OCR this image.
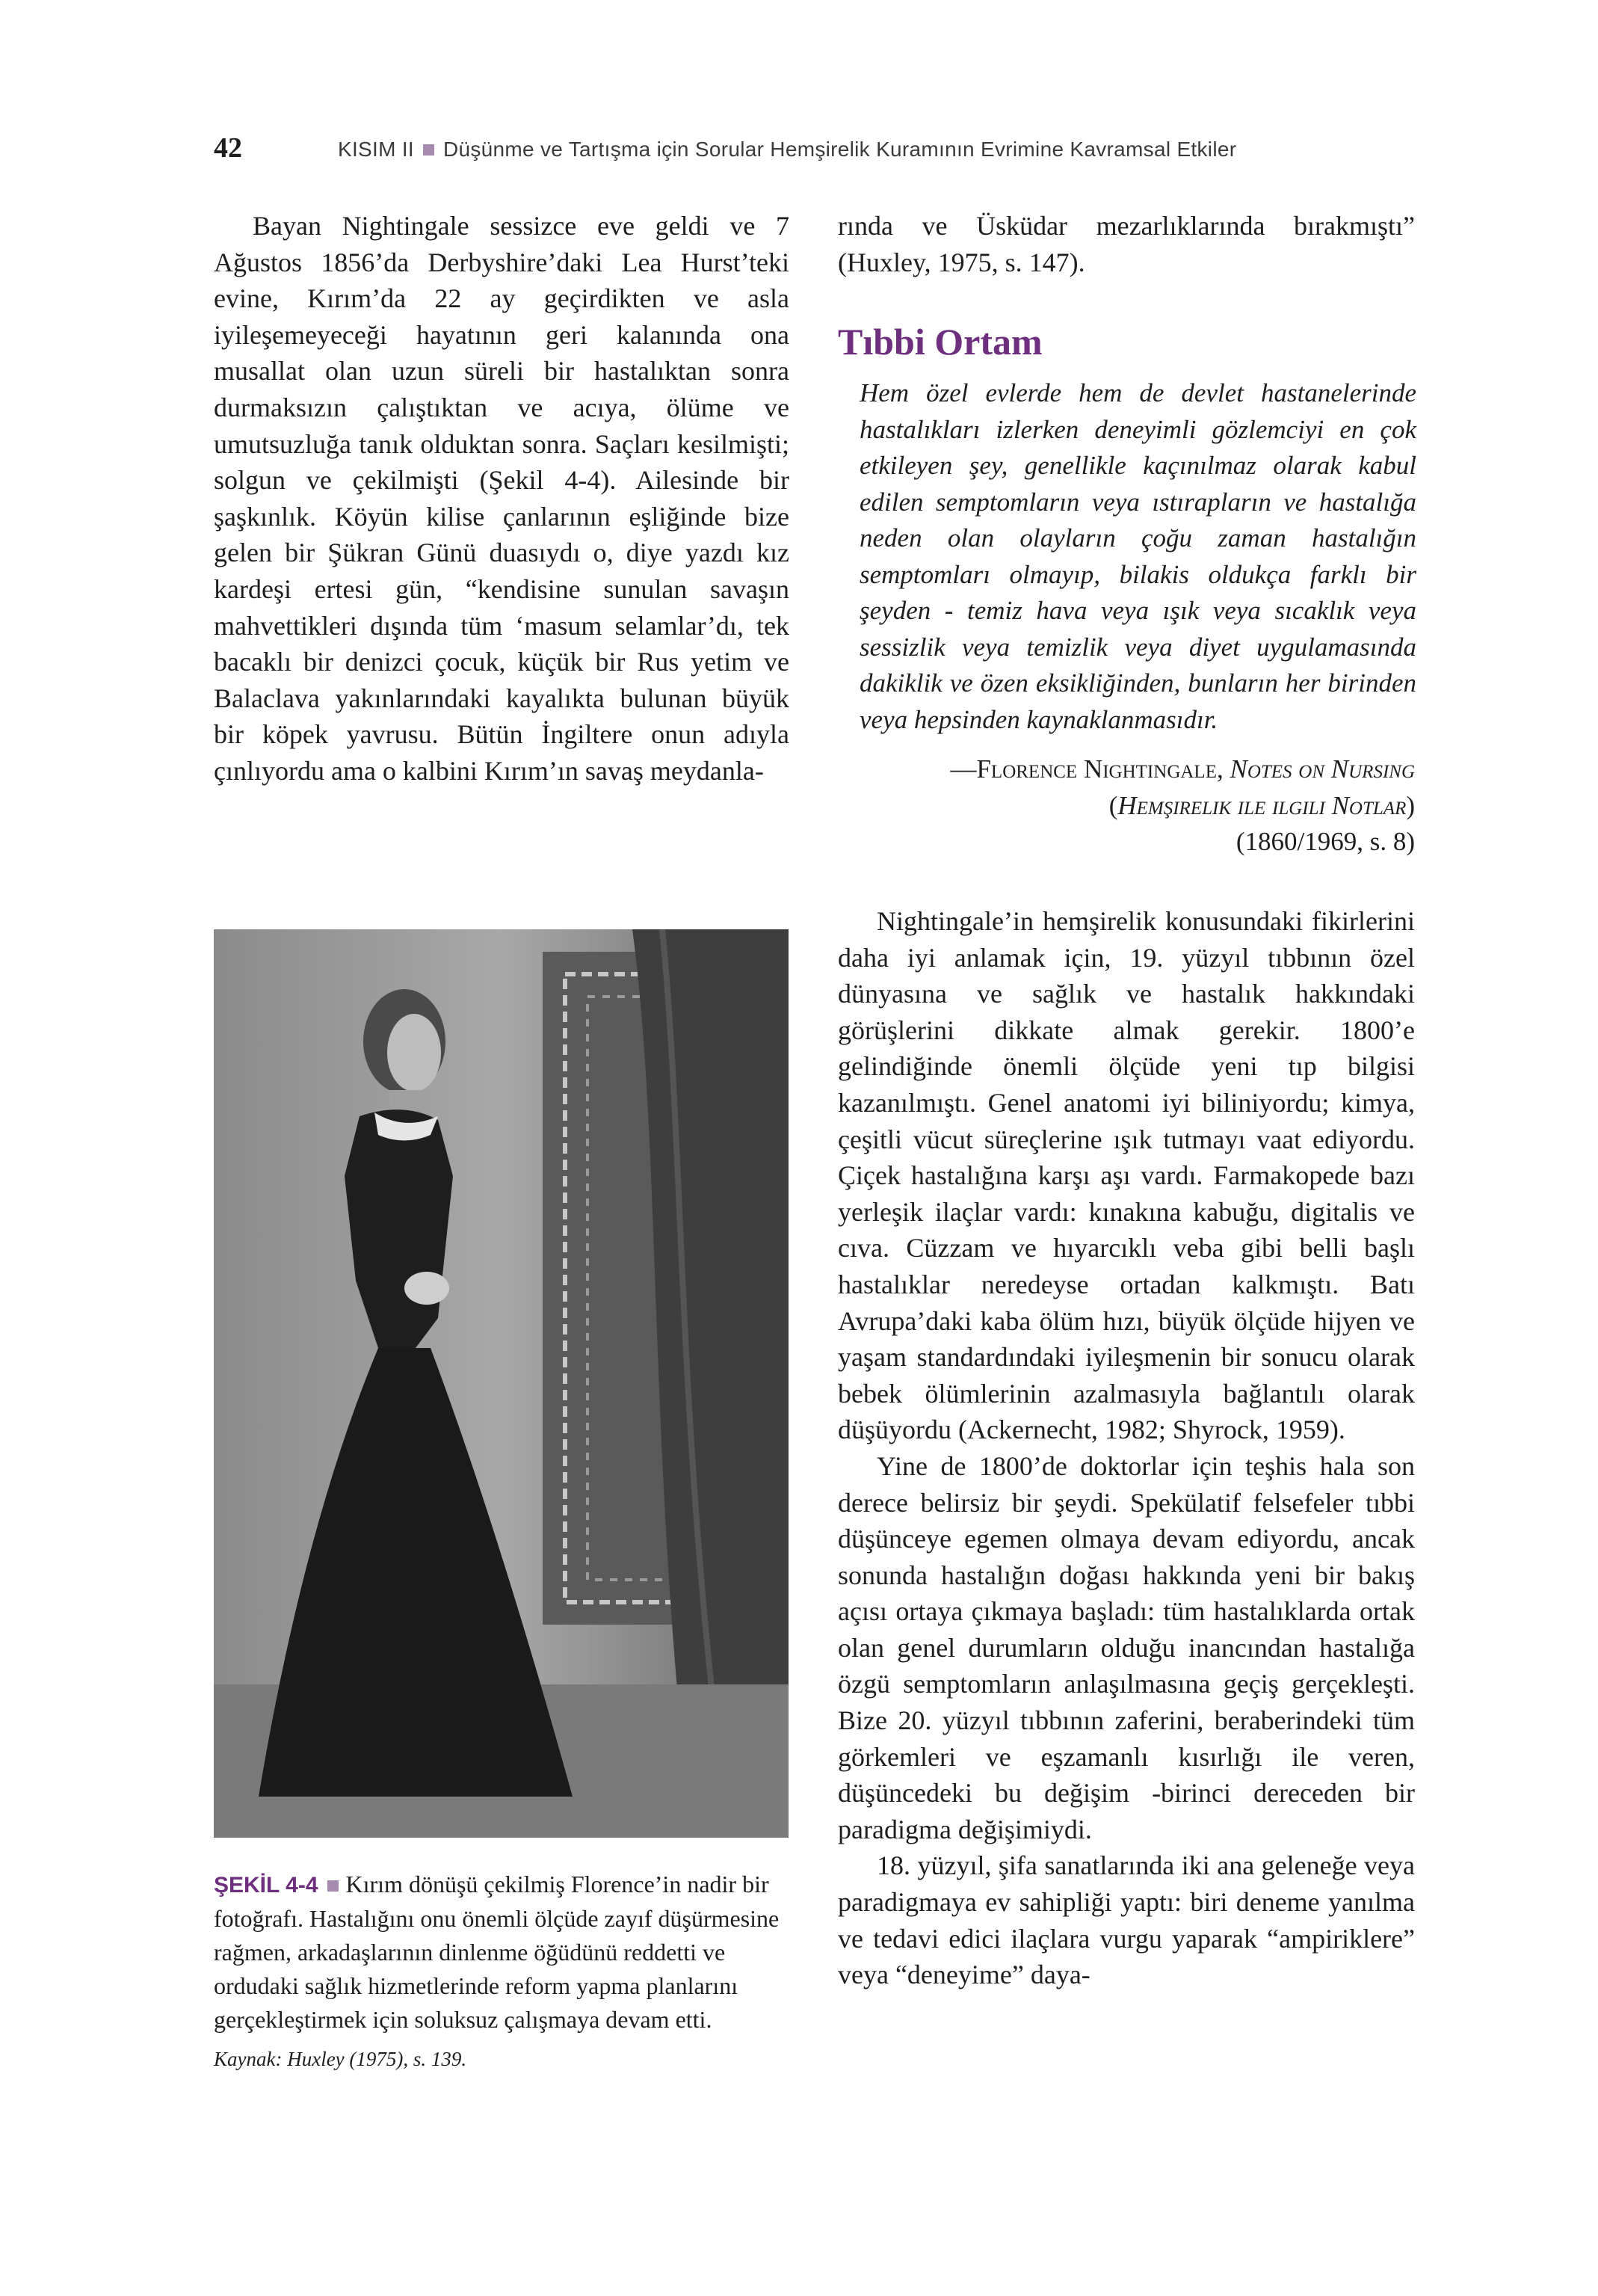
42	KISIM II Düşünme ve Tartışma için Sorular Hemşirelik Kuramının Evrimine Kavramsal Etkiler

Bayan Nightingale sessizce eve geldi ve 7 Ağustos 1856’da Derbyshire’daki Lea Hurst’teki evine, Kırım’da 22 ay geçirdikten ve asla iyileşemeyeceği hayatının geri kalanında ona musallat olan uzun süreli bir hastalıktan sonra durmaksızın çalıştıktan ve acıya, ölüme ve umutsuzluğa tanık olduktan sonra. Saçları kesilmişti; solgun ve çekilmişti (Şekil 4-4). Ailesinde bir şaşkınlık. Köyün kilise çanlarının eşliğinde bize gelen bir Şükran Günü duasıydı o, diye yazdı kız kardeşi ertesi gün, “kendisine sunulan savaşın mahvettikleri dışında tüm ‘masum selamlar’dı, tek bacaklı bir denizci çocuk, küçük bir Rus yetim ve Balaclava yakınlarındaki kayalıkta bulunan büyük bir köpek yavrusu. Bütün İngiltere onun adıyla çınlıyordu ama o kalbini Kırım’ın savaş meydanla-

ŞEKİL 4-4 Kırım dönüşü çekilmiş Florence’in nadir bir fotoğrafı. Hastalığını onu önemli ölçüde zayıf düşürmesine rağmen, arkadaşlarının dinlenme öğüdünü reddetti ve ordudaki sağlık hizmetlerinde reform yapma planlarını gerçekleştirmek için soluksuz çalışmaya devam etti.
Kaynak: Huxley (1975), s. 139.

rında ve Üsküdar mezarlıklarında bırakmıştı” (Huxley, 1975, s. 147).

Tıbbi Ortam

Hem özel evlerde hem de devlet hastanelerinde hastalıkları izlerken deneyimli gözlemciyi en çok etkileyen şey, genellikle kaçınılmaz olarak kabul edilen semptomların veya ıstırapların ve hastalığa neden olan olayların çoğu zaman hastalığın semptomları olmayıp, bilakis oldukça farklı bir şeyden - temiz hava veya ışık veya sıcaklık veya sessizlik veya temizlik veya diyet uygulamasında dakiklik ve özen eksikliğinden, bunların her birinden veya hepsinden kaynaklanmasıdır.

—Florence Nightingale, Notes on Nursing
(Hemşirelik ile ilgili Notlar)
(1860/1969, s. 8)

Nightingale’in hemşirelik konusundaki fikirlerini daha iyi anlamak için, 19. yüzyıl tıbbının özel dünyasına ve sağlık ve hastalık hakkındaki görüşlerini dikkate almak gerekir. 1800’e gelindiğinde önemli ölçüde yeni tıp bilgisi kazanılmıştı. Genel anatomi iyi biliniyordu; kimya, çeşitli vücut süreçlerine ışık tutmayı vaat ediyordu. Çiçek hastalığına karşı aşı vardı. Farmakopede bazı yerleşik ilaçlar vardı: kınakına kabuğu, digitalis ve cıva. Cüzzam ve hıyarcıklı veba gibi belli başlı hastalıklar neredeyse ortadan kalkmıştı. Batı Avrupa’daki kaba ölüm hızı, büyük ölçüde hijyen ve yaşam standardındaki iyileşmenin bir sonucu olarak bebek ölümlerinin azalmasıyla bağlantılı olarak düşüyordu (Ackernecht, 1982; Shyrock, 1959).

Yine de 1800’de doktorlar için teşhis hala son derece belirsiz bir şeydi. Spekülatif felsefeler tıbbi düşünceye egemen olmaya devam ediyordu, ancak sonunda hastalığın doğası hakkında yeni bir bakış açısı ortaya çıkmaya başladı: tüm hastalıklarda ortak olan genel durumların olduğu inancından hastalığa özgü semptomların anlaşılmasına geçiş gerçekleşti. Bize 20. yüzyıl tıbbının zaferini, beraberindeki tüm görkemleri ve eşzamanlı kısırlığı ile veren, düşüncedeki bu değişim -birinci dereceden bir paradigma değişimiydi.

18. yüzyıl, şifa sanatlarında iki ana geleneğe veya paradigmaya ev sahipliği yaptı: biri deneme yanılma ve tedavi edici ilaçlara vurgu yaparak “ampiriklere” veya “deneyime” daya-
